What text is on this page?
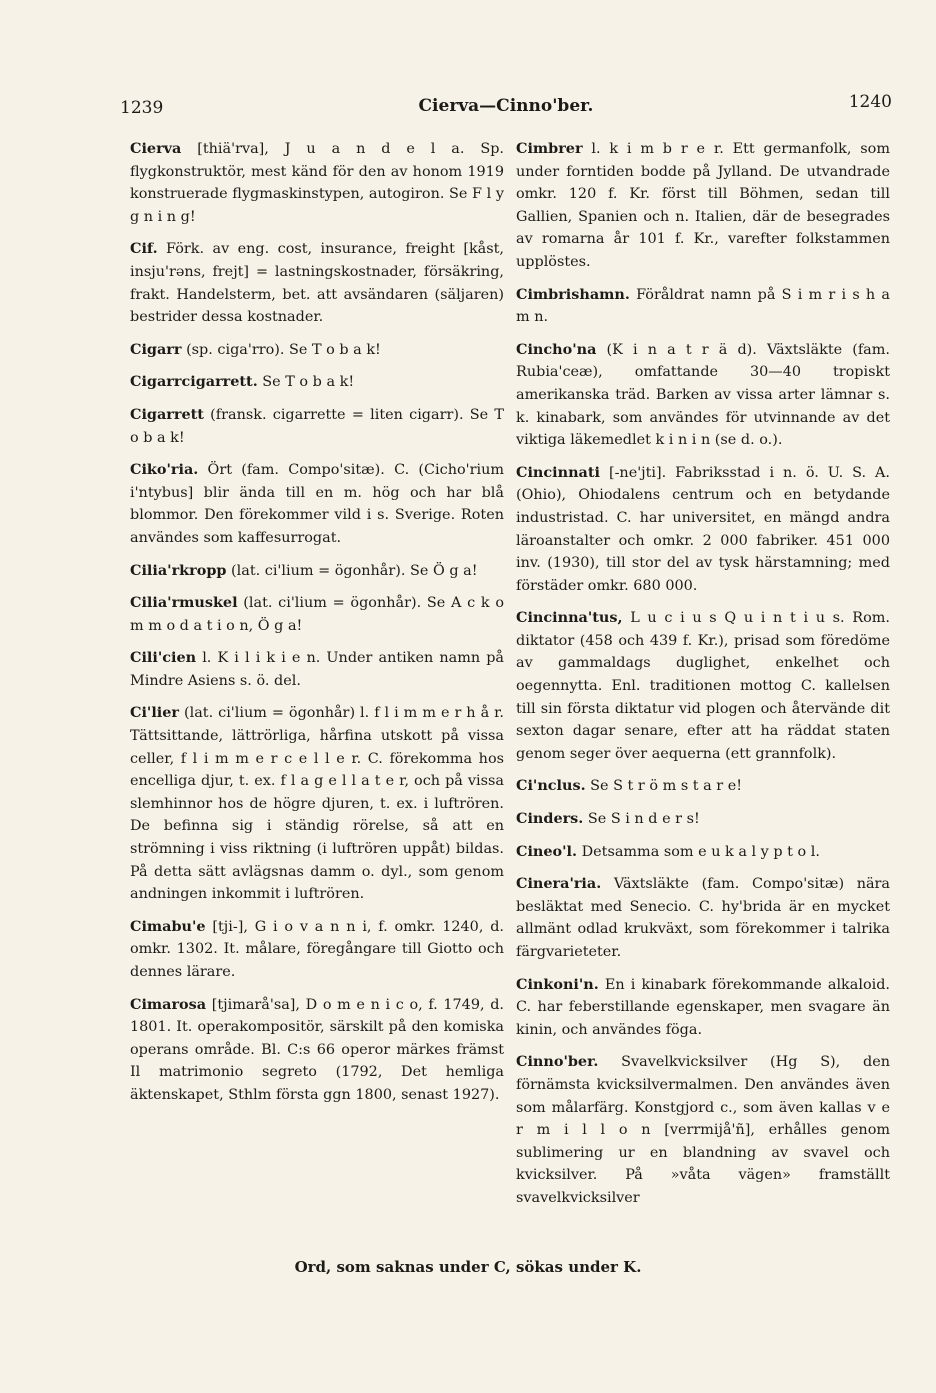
1239	Cierva—Cinno'ber.	1240

Cierva [thiä'rva], J u a n d e l a. Sp. flygkonstruktör, mest känd för den av honom 1919 konstruerade flygmaskinstypen, autogiron. Se F l y g n i n g!

Cif. Förk. av eng. cost, insurance, freight [kåst, insju'rəns, frejt] = lastningskostnader, försäkring, frakt. Handelsterm, bet. att avsändaren (säljaren) bestrider dessa kostnader.

Cigarr (sp. ciga'rro). Se T o b a k!

Cigarrcigarrett. Se T o b a k!

Cigarrett (fransk. cigarrette = liten cigarr). Se T o b a k!

Ciko'ria. Ört (fam. Compo'sitæ). C. (Cicho'rium i'ntybus] blir ända till en m. hög och har blå blommor. Den förekommer vild i s. Sverige. Roten användes som kaffesurrogat.

Cilia'rkropp (lat. ci'lium = ögonhår). Se Ö g a!

Cilia'rmuskel (lat. ci'lium = ögonhår). Se A c k o m m o d a t i o n, Ö g a!

Cili'cien l. K i l i k i e n. Under antiken namn på Mindre Asiens s. ö. del.

Ci'lier (lat. ci'lium = ögonhår) l. f l i m m e r h å r. Tättsittande, lättrörliga, hårfina utskott på vissa celler, f l i m m e r c e l l e r. C. förekomma hos encelliga djur, t. ex. f l a g e l l a t e r, och på vissa slemhinnor hos de högre djuren, t. ex. i luftrören. De befinna sig i ständig rörelse, så att en strömning i viss riktning (i luftrören uppåt) bildas. På detta sätt avlägsnas damm o. dyl., som genom andningen inkommit i luftrören.

Cimabu'e [tji-], G i o v a n n i, f. omkr. 1240, d. omkr. 1302. It. målare, föregångare till Giotto och dennes lärare.

Cimarosa [tjimarå'sa], D o m e n i c o, f. 1749, d. 1801. It. operakompositör, särskilt på den komiska operans område. Bl. C:s 66 operor märkes främst Il matrimonio segreto (1792, Det hemliga äktenskapet, Sthlm första ggn 1800, senast 1927).

Cimbrer l. k i m b r e r. Ett germanfolk, som under forntiden bodde på Jylland. De utvandrade omkr. 120 f. Kr. först till Böhmen, sedan till Gallien, Spanien och n. Italien, där de besegrades av romarna år 101 f. Kr., varefter folkstammen upplöstes.

Cimbrishamn. Föråldrat namn på S i m r i s h a m n.

Cincho'na (K i n a t r ä d). Växtsläkte (fam. Rubia'ceæ), omfattande 30—40 tropiskt amerikanska träd. Barken av vissa arter lämnar s. k. kinabark, som användes för utvinnande av det viktiga läkemedlet k i n i n (se d. o.).

Cincinnati [-ne'jti]. Fabriksstad i n. ö. U. S. A. (Ohio), Ohiodalens centrum och en betydande industristad. C. har universitet, en mängd andra läroanstalter och omkr. 2 000 fabriker. 451 000 inv. (1930), till stor del av tysk härstamning; med förstäder omkr. 680 000.

Cincinna'tus, L u c i u s Q u i n t i u s. Rom. diktator (458 och 439 f. Kr.), prisad som föredöme av gammaldags duglighet, enkelhet och oegennytta. Enl. traditionen mottog C. kallelsen till sin första diktatur vid plogen och återvände dit sexton dagar senare, efter att ha räddat staten genom seger över aequerna (ett grannfolk).

Ci'nclus. Se S t r ö m s t a r e!

Cinders. Se S i n d e r s!

Cineo'l. Detsamma som e u k a l y p t o l.

Cinera'ria. Växtsläkte (fam. Compo'sitæ) nära besläktat med Senecio. C. hy'brida är en mycket allmänt odlad krukväxt, som förekommer i talrika färgvarieteter.

Cinkoni'n. En i kinabark förekommande alkaloid. C. har feberstillande egenskaper, men svagare än kinin, och användes föga.

Cinno'ber. Svavelkvicksilver (Hg S), den förnämsta kvicksilvermalmen. Den användes även som målarfärg. Konstgjord c., som även kallas v e r m i l l o n [verrmijå'ñ], erhålles genom sublimering ur en blandning av svavel och kvicksilver. På »våta vägen» framställt svavelkvicksilver

Ord, som saknas under C, sökas under K.
